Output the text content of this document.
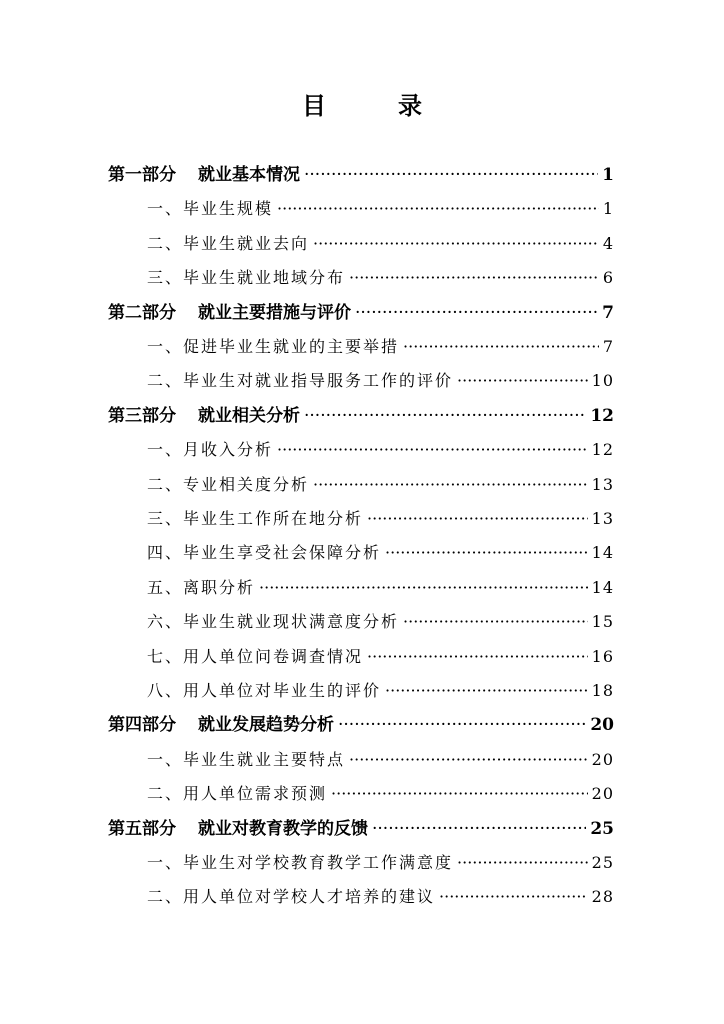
目　录
第一部分 就业基本情况 ·····	1
一、毕业生规模 ·····	1
二、毕业生就业去向 ·····	4
三、毕业生就业地域分布 ·····	6
第二部分 就业主要措施与评价 ·····	7
一、促进毕业生就业的主要举措 ·····	7
二、毕业生对就业指导服务工作的评价 ·····	10
第三部分 就业相关分析 ·····	12
一、月收入分析 ·····	12
二、专业相关度分析 ·····	13
三、毕业生工作所在地分析 ·····	13
四、毕业生享受社会保障分析 ·····	14
五、离职分析 ·····	14
六、毕业生就业现状满意度分析 ·····	15
七、用人单位问卷调查情况 ·····	16
八、用人单位对毕业生的评价 ·····	18
第四部分 就业发展趋势分析 ·····	20
一、毕业生就业主要特点 ·····	20
二、用人单位需求预测 ·····	20
第五部分 就业对教育教学的反馈 ·····	25
一、毕业生对学校教育教学工作满意度 ·····	25
二、用人单位对学校人才培养的建议 ·····	28
